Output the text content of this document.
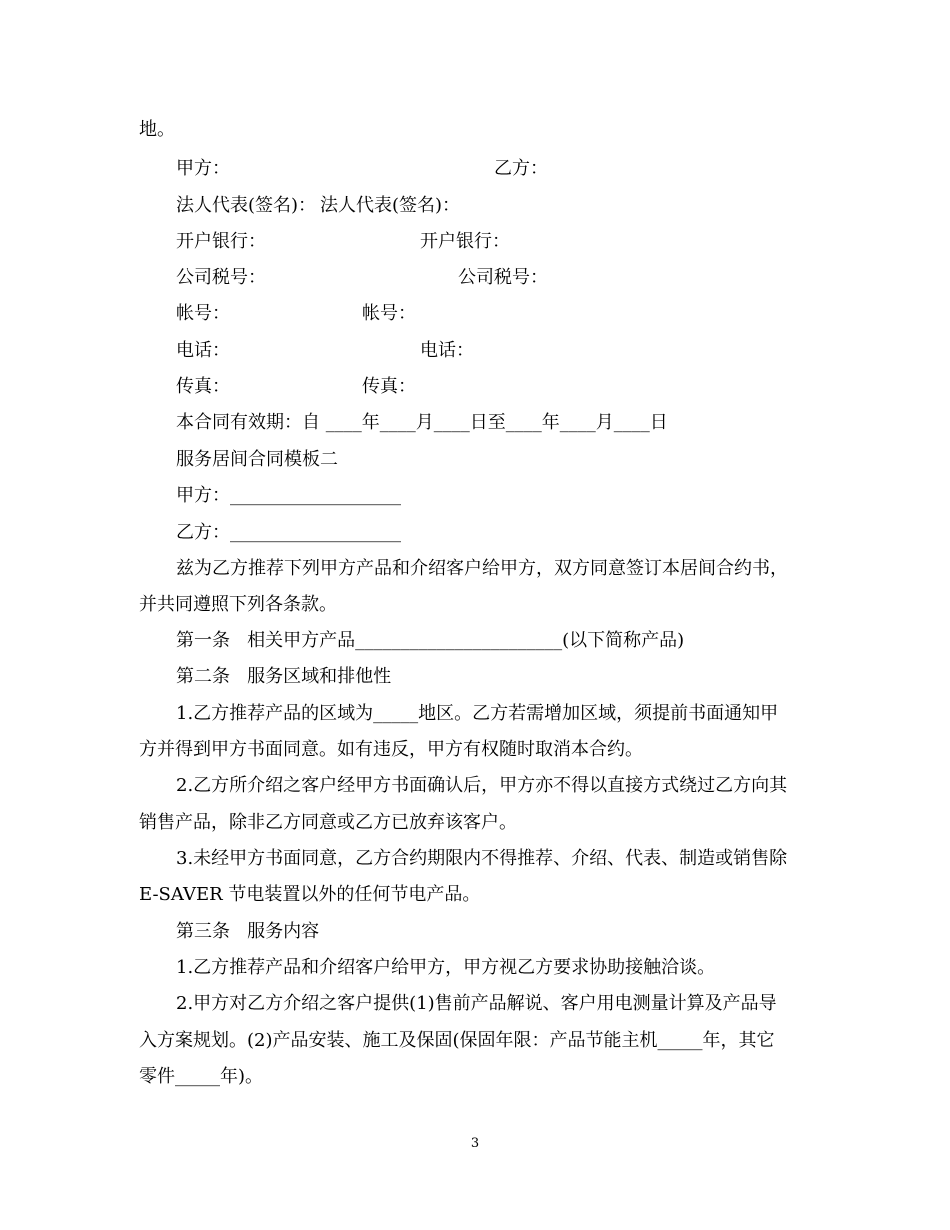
地。
甲方：	乙方：
法人代表(签名)： 法人代表(签名)：
开户银行：	开户银行：
公司税号：	公司税号：
帐号：	帐号：
电话：	电话：
传真：	传真：
本合同有效期：自 ____年____月____日至____年____月____日
服务居间合同模板二
甲方：___________________
乙方：___________________
兹为乙方推荐下列甲方产品和介绍客户给甲方，双方同意签订本居间合约书，
并共同遵照下列各条款。
第一条   相关甲方产品_______________________(以下简称产品)
第二条   服务区域和排他性
1.乙方推荐产品的区域为_____地区。乙方若需增加区域，须提前书面通知甲
方并得到甲方书面同意。如有违反，甲方有权随时取消本合约。
2.乙方所介绍之客户经甲方书面确认后，甲方亦不得以直接方式绕过乙方向其
销售产品，除非乙方同意或乙方已放弃该客户。
3.未经甲方书面同意，乙方合约期限内不得推荐、介绍、代表、制造或销售除
E-SAVER 节电装置以外的任何节电产品。
第三条   服务内容
1.乙方推荐产品和介绍客户给甲方，甲方视乙方要求协助接触洽谈。
2.甲方对乙方介绍之客户提供(1)售前产品解说、客户用电测量计算及产品导
入方案规划。(2)产品安装、施工及保固(保固年限：产品节能主机_____年，其它
零件_____年)。
3
